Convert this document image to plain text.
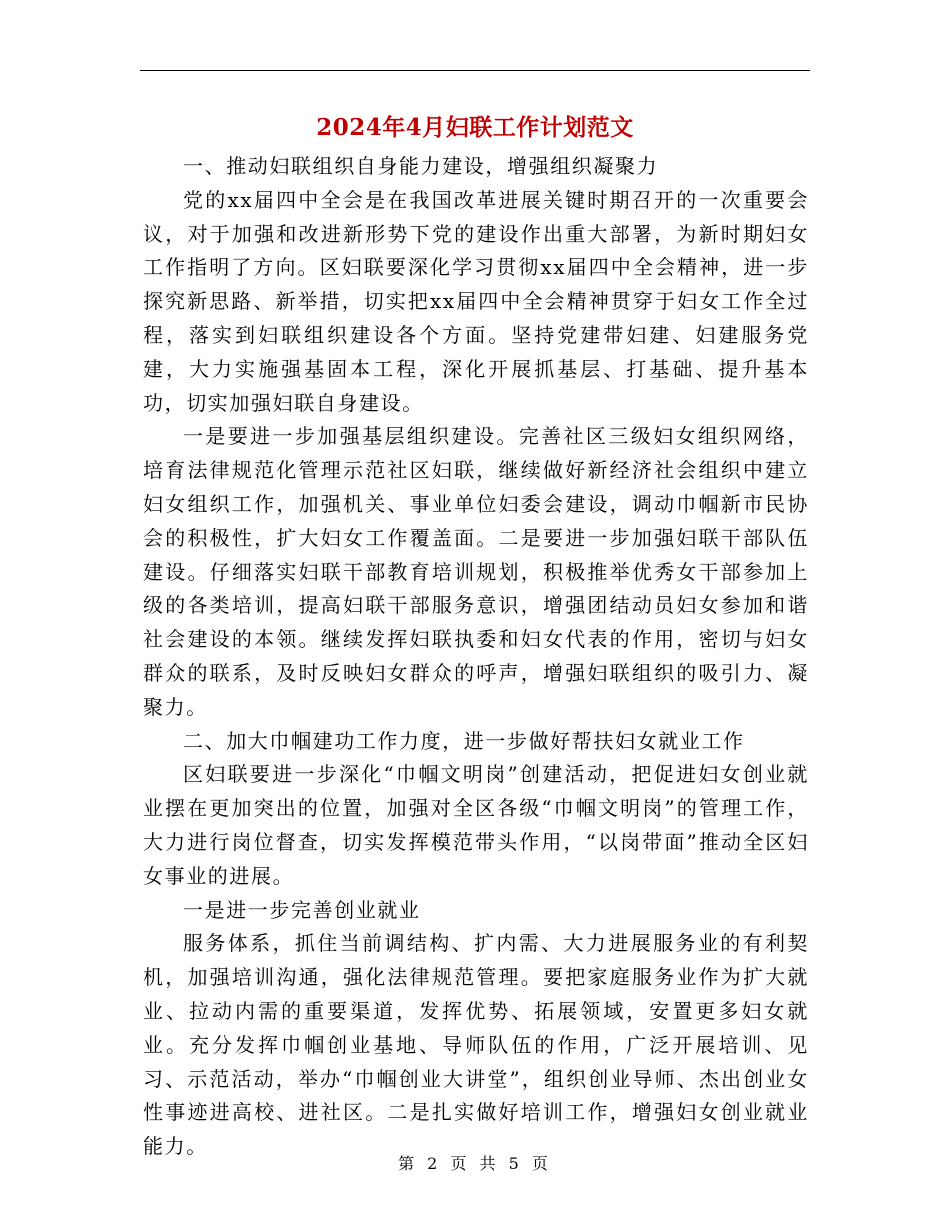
2024年4月妇联工作计划范文

一、推动妇联组织自身能力建设，增强组织凝聚力

党的xx届四中全会是在我国改革进展关键时期召开的一次重要会议，对于加强和改进新形势下党的建设作出重大部署，为新时期妇女工作指明了方向。区妇联要深化学习贯彻xx届四中全会精神，进一步探究新思路、新举措，切实把xx届四中全会精神贯穿于妇女工作全过程，落实到妇联组织建设各个方面。坚持党建带妇建、妇建服务党建，大力实施强基固本工程，深化开展抓基层、打基础、提升基本功，切实加强妇联自身建设。

一是要进一步加强基层组织建设。完善社区三级妇女组织网络，培育法律规范化管理示范社区妇联，继续做好新经济社会组织中建立妇女组织工作，加强机关、事业单位妇委会建设，调动巾帼新市民协会的积极性，扩大妇女工作覆盖面。二是要进一步加强妇联干部队伍建设。仔细落实妇联干部教育培训规划，积极推举优秀女干部参加上级的各类培训，提高妇联干部服务意识，增强团结动员妇女参加和谐社会建设的本领。继续发挥妇联执委和妇女代表的作用，密切与妇女群众的联系，及时反映妇女群众的呼声，增强妇联组织的吸引力、凝聚力。

二、加大巾帼建功工作力度，进一步做好帮扶妇女就业工作

区妇联要进一步深化“巾帼文明岗”创建活动，把促进妇女创业就业摆在更加突出的位置，加强对全区各级“巾帼文明岗”的管理工作，大力进行岗位督查，切实发挥模范带头作用，“以岗带面”推动全区妇女事业的进展。

一是进一步完善创业就业

服务体系，抓住当前调结构、扩内需、大力进展服务业的有利契机，加强培训沟通，强化法律规范管理。要把家庭服务业作为扩大就业、拉动内需的重要渠道，发挥优势、拓展领域，安置更多妇女就业。充分发挥巾帼创业基地、导师队伍的作用，广泛开展培训、见习、示范活动，举办“巾帼创业大讲堂”，组织创业导师、杰出创业女性事迹进高校、进社区。二是扎实做好培训工作，增强妇女创业就业能力。

第 2 页 共 5 页
